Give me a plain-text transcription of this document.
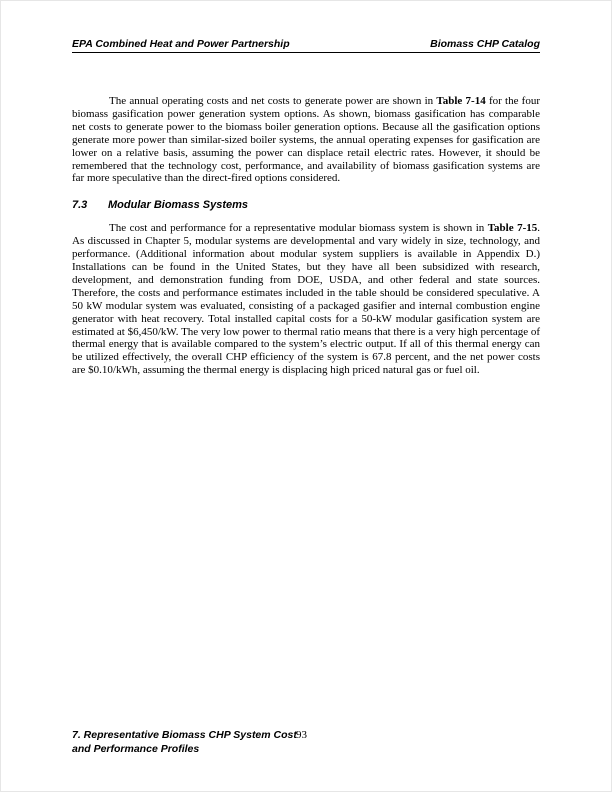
EPA Combined Heat and Power Partnership	Biomass CHP Catalog

The annual operating costs and net costs to generate power are shown in Table 7-14 for the four biomass gasification power generation system options. As shown, biomass gasification has comparable net costs to generate power to the biomass boiler generation options. Because all the gasification options generate more power than similar-sized boiler systems, the annual operating expenses for gasification are lower on a relative basis, assuming the power can displace retail electric rates. However, it should be remembered that the technology cost, performance, and availability of biomass gasification systems are far more speculative than the direct-fired options considered.

7.3 Modular Biomass Systems

The cost and performance for a representative modular biomass system is shown in Table 7-15. As discussed in Chapter 5, modular systems are developmental and vary widely in size, technology, and performance. (Additional information about modular system suppliers is available in Appendix D.) Installations can be found in the United States, but they have all been subsidized with research, development, and demonstration funding from DOE, USDA, and other federal and state sources. Therefore, the costs and performance estimates included in the table should be considered speculative. A 50 kW modular system was evaluated, consisting of a packaged gasifier and internal combustion engine generator with heat recovery. Total installed capital costs for a 50-kW modular gasification system are estimated at $6,450/kW. The very low power to thermal ratio means that there is a very high percentage of thermal energy that is available compared to the system’s electric output. If all of this thermal energy can be utilized effectively, the overall CHP efficiency of the system is 67.8 percent, and the net power costs are $0.10/kWh, assuming the thermal energy is displacing high priced natural gas or fuel oil.

7. Representative Biomass CHP System Cost
and Performance Profiles
93
